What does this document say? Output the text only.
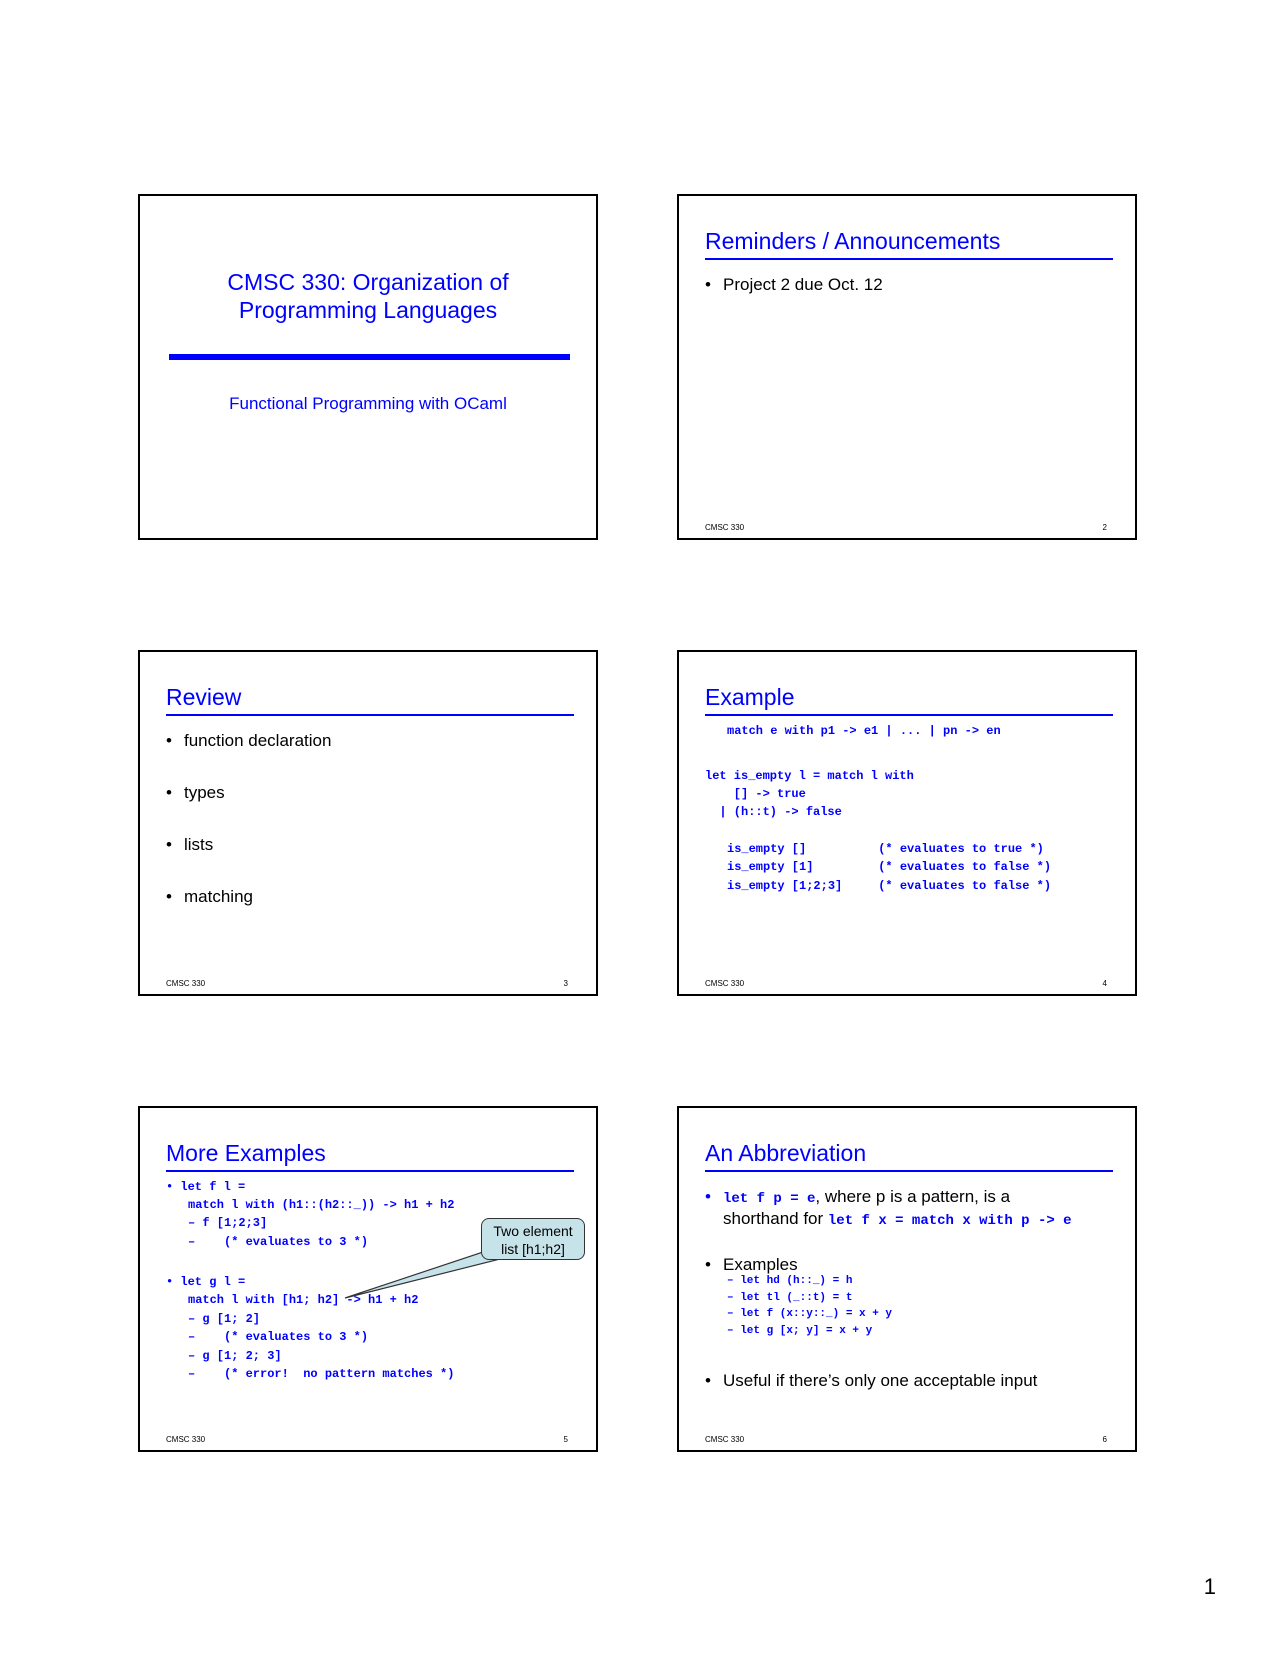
CMSC 330: Organization of
Programming Languages
Functional Programming with OCaml
Reminders / Announcements
• Project 2 due Oct. 12
CMSC 330	2
Review
• function declaration
• types
• lists
• matching
CMSC 330	3
Example
match e with p1 -> e1 | ... | pn -> en
let is_empty l = match l with
[] -> true
| (h::t) -> false
is_empty []          (* evaluates to true *)
is_empty [1]         (* evaluates to false *)
is_empty [1;2;3]     (* evaluates to false *)
CMSC 330	4
More Examples
• let f l =
match l with (h1::(h2::_)) -> h1 + h2
– f [1;2;3]
–    (* evaluates to 3 *)
• let g l =
match l with [h1; h2] -> h1 + h2
– g [1; 2]
–    (* evaluates to 3 *)
– g [1; 2; 3]
–    (* error!  no pattern matches *)
Two element
list [h1;h2]
CMSC 330	5
An Abbreviation
• let f p = e, where p is a pattern, is a
shorthand for let f x = match x with p -> e
• Examples
– let hd (h::_) = h
– let tl (_::t) = t
– let f (x::y::_) = x + y
– let g [x; y] = x + y
• Useful if there’s only one acceptable input
CMSC 330	6
1
